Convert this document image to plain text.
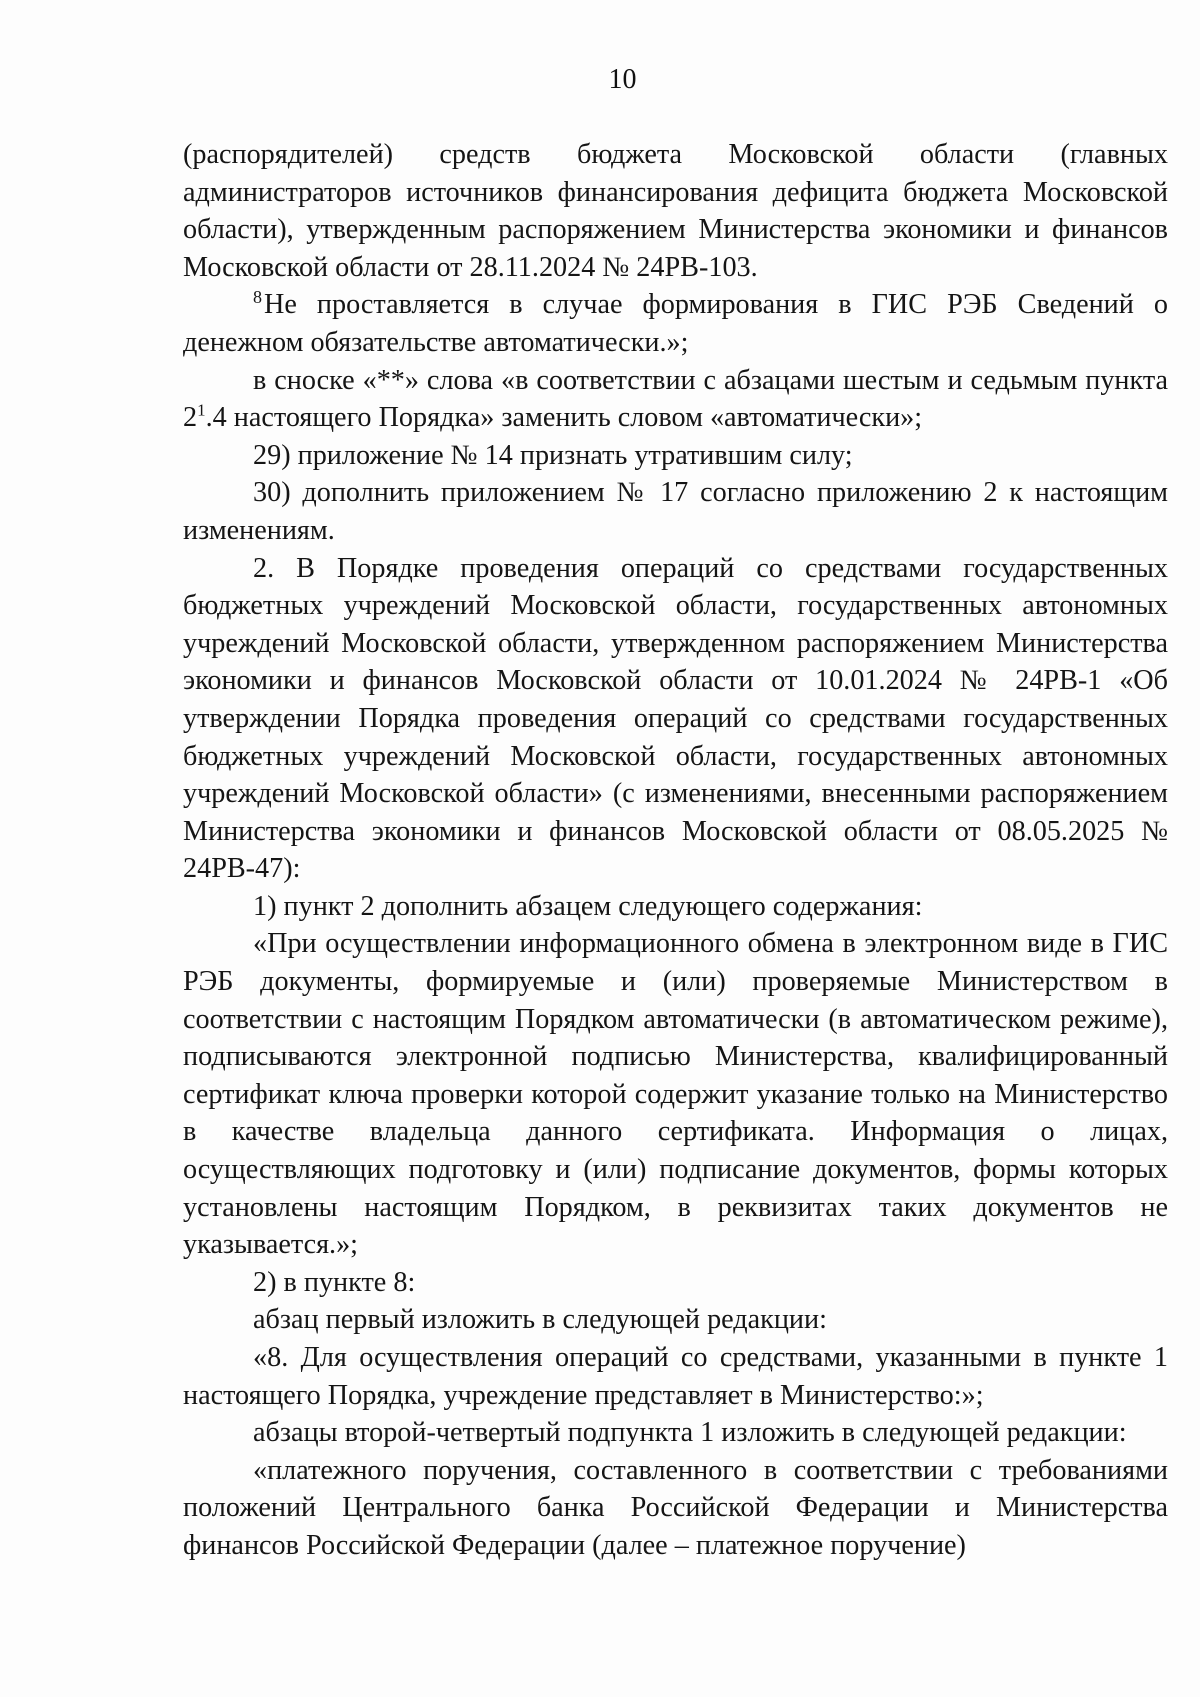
10

(распорядителей) средств бюджета Московской области (главных администраторов источников финансирования дефицита бюджета Московской области), утвержденным распоряжением Министерства экономики и финансов Московской области от 28.11.2024 № 24РВ-103.

$^8$Не проставляется в случае формирования в ГИС РЭБ Сведений о денежном обязательстве автоматически.»;

в сноске «**» слова «в соответствии с абзацами шестым и седьмым пункта $2^1.4$ настоящего Порядка» заменить словом «автоматически»;

29) приложение № 14 признать утратившим силу;

30) дополнить приложением № 17 согласно приложению 2 к настоящим изменениям.

2. В Порядке проведения операций со средствами государственных бюджетных учреждений Московской области, государственных автономных учреждений Московской области, утвержденном распоряжением Министерства экономики и финансов Московской области от 10.01.2024 № 24РВ-1 «Об утверждении Порядка проведения операций со средствами государственных бюджетных учреждений Московской области, государственных автономных учреждений Московской области» (с изменениями, внесенными распоряжением Министерства экономики и финансов Московской области от 08.05.2025 № 24РВ-47):

1) пункт 2 дополнить абзацем следующего содержания:

«При осуществлении информационного обмена в электронном виде в ГИС РЭБ документы, формируемые и (или) проверяемые Министерством в соответствии с настоящим Порядком автоматически (в автоматическом режиме), подписываются электронной подписью Министерства, квалифицированный сертификат ключа проверки которой содержит указание только на Министерство в качестве владельца данного сертификата. Информация о лицах, осуществляющих подготовку и (или) подписание документов, формы которых установлены настоящим Порядком, в реквизитах таких документов не указывается.»;

2) в пункте 8:

абзац первый изложить в следующей редакции:

«8. Для осуществления операций со средствами, указанными в пункте 1 настоящего Порядка, учреждение представляет в Министерство:»;

абзацы второй-четвертый подпункта 1 изложить в следующей редакции:

«платежного поручения, составленного в соответствии с требованиями положений Центрального банка Российской Федерации и Министерства финансов Российской Федерации (далее – платежное поручение)
